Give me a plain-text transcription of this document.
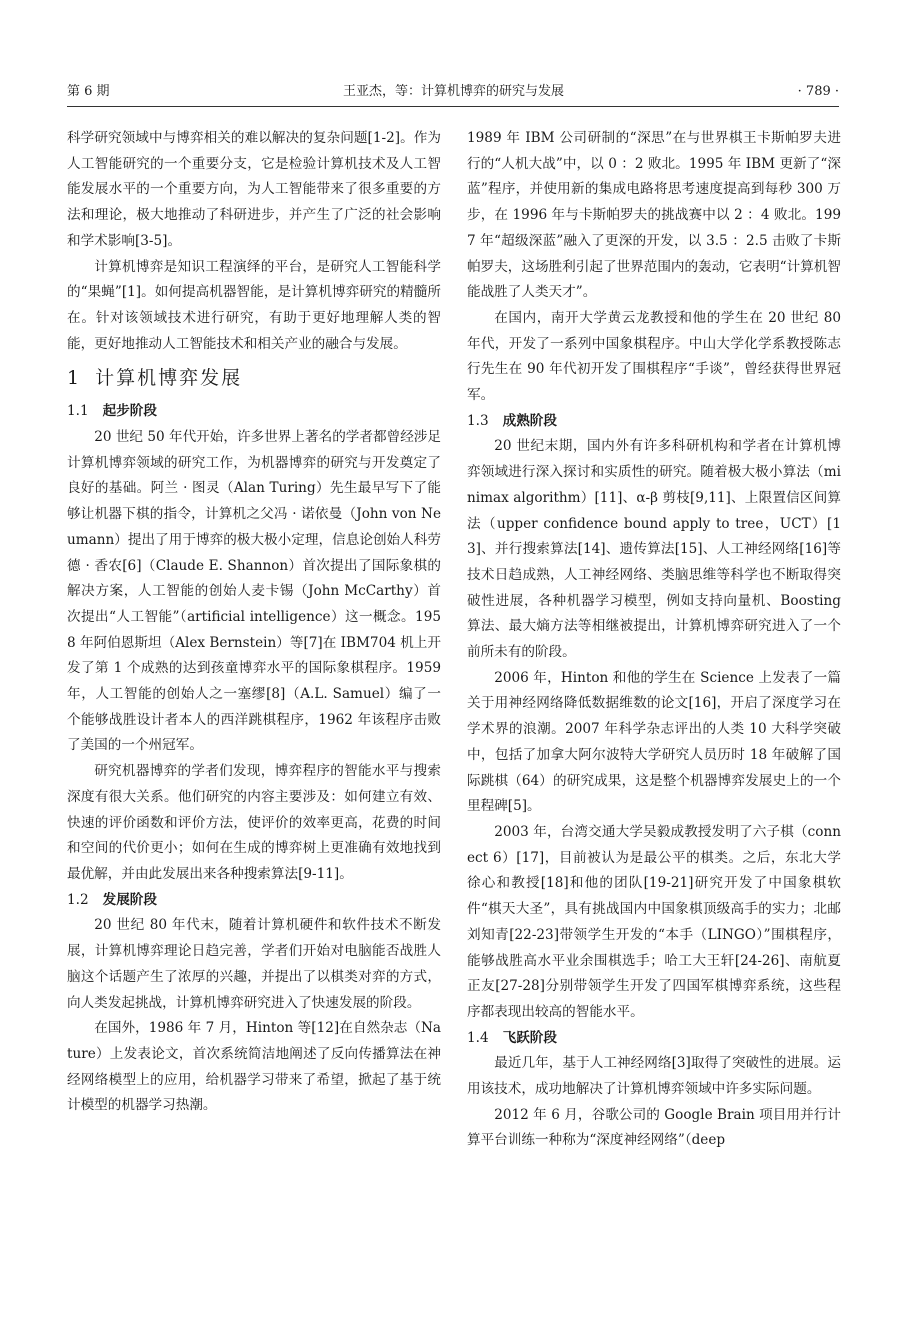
第 6 期	王亚杰，等：计算机博弈的研究与发展	· 789 ·

科学研究领域中与博弈相关的难以解决的复杂问题[1-2]。作为人工智能研究的一个重要分支，它是检验计算机技术及人工智能发展水平的一个重要方向，为人工智能带来了很多重要的方法和理论，极大地推动了科研进步，并产生了广泛的社会影响和学术影响[3-5]。

计算机博弈是知识工程演绎的平台，是研究人工智能科学的“果蝇”[1]。如何提高机器智能，是计算机博弈研究的精髓所在。针对该领域技术进行研究，有助于更好地理解人类的智能，更好地推动人工智能技术和相关产业的融合与发展。

1 计算机博弈发展
1.1 起步阶段

20 世纪 50 年代开始，许多世界上著名的学者都曾经涉足计算机博弈领域的研究工作，为机器博弈的研究与开发奠定了良好的基础。阿兰 · 图灵（Alan Turing）先生最早写下了能够让机器下棋的指令，计算机之父冯 · 诺依曼（John von Neumann）提出了用于博弈的极大极小定理，信息论创始人科劳德 · 香农[6]（Claude E. Shannon）首次提出了国际象棋的解决方案，人工智能的创始人麦卡锡（John McCarthy）首次提出“人工智能”（artificial intelligence）这一概念。1958 年阿伯恩斯坦（Alex Bernstein）等[7]在 IBM704 机上开发了第 1 个成熟的达到孩童博弈水平的国际象棋程序。1959 年，人工智能的创始人之一塞缪[8]（A.L. Samuel）编了一个能够战胜设计者本人的西洋跳棋程序，1962 年该程序击败了美国的一个州冠军。

研究机器博弈的学者们发现，博弈程序的智能水平与搜索深度有很大关系。他们研究的内容主要涉及：如何建立有效、快速的评价函数和评价方法，使评价的效率更高，花费的时间和空间的代价更小；如何在生成的博弈树上更准确有效地找到最优解，并由此发展出来各种搜索算法[9-11]。

1.2 发展阶段

20 世纪 80 年代末，随着计算机硬件和软件技术不断发展，计算机博弈理论日趋完善，学者们开始对电脑能否战胜人脑这个话题产生了浓厚的兴趣，并提出了以棋类对弈的方式，向人类发起挑战，计算机博弈研究进入了快速发展的阶段。

在国外，1986 年 7 月，Hinton 等[12]在自然杂志（Nature）上发表论文，首次系统简洁地阐述了反向传播算法在神经网络模型上的应用，给机器学习带来了希望，掀起了基于统计模型的机器学习热潮。

1989 年 IBM 公司研制的“深思”在与世界棋王卡斯帕罗夫进行的“人机大战”中，以 0 ：2 败北。1995 年 IBM 更新了“深蓝”程序，并使用新的集成电路将思考速度提高到每秒 300 万步，在 1996 年与卡斯帕罗夫的挑战赛中以 2 ：4 败北。1997 年“超级深蓝”融入了更深的开发，以 3.5 ：2.5 击败了卡斯帕罗夫，这场胜利引起了世界范围内的轰动，它表明“计算机智能战胜了人类天才”。

在国内，南开大学黄云龙教授和他的学生在 20 世纪 80 年代，开发了一系列中国象棋程序。中山大学化学系教授陈志行先生在 90 年代初开发了围棋程序“手谈”，曾经获得世界冠军。

1.3 成熟阶段

20 世纪末期，国内外有许多科研机构和学者在计算机博弈领域进行深入探讨和实质性的研究。随着极大极小算法（minimax algorithm）[11]、α-β 剪枝[9,11]、上限置信区间算法（upper confidence bound apply to tree，UCT）[13]、并行搜索算法[14]、遗传算法[15]、人工神经网络[16]等技术日趋成熟，人工神经网络、类脑思维等科学也不断取得突破性进展，各种机器学习模型，例如支持向量机、Boosting 算法、最大熵方法等相继被提出，计算机博弈研究进入了一个前所未有的阶段。

2006 年，Hinton 和他的学生在 Science 上发表了一篇关于用神经网络降低数据维数的论文[16]，开启了深度学习在学术界的浪潮。2007 年科学杂志评出的人类 10 大科学突破中，包括了加拿大阿尔波特大学研究人员历时 18 年破解了国际跳棋（64）的研究成果，这是整个机器博弈发展史上的一个里程碑[5]。

2003 年，台湾交通大学吴毅成教授发明了六子棋（connect 6）[17]，目前被认为是最公平的棋类。之后，东北大学徐心和教授[18]和他的团队[19-21]研究开发了中国象棋软件“棋天大圣”，具有挑战国内中国象棋顶级高手的实力；北邮刘知青[22-23]带领学生开发的“本手（LINGO）”围棋程序，能够战胜高水平业余围棋选手；哈工大王轩[24-26]、南航夏正友[27-28]分别带领学生开发了四国军棋博弈系统，这些程序都表现出较高的智能水平。

1.4 飞跃阶段

最近几年，基于人工神经网络[3]取得了突破性的进展。运用该技术，成功地解决了计算机博弈领域中许多实际问题。

2012 年 6 月，谷歌公司的 Google Brain 项目用并行计算平台训练一种称为“深度神经网络”（deep
